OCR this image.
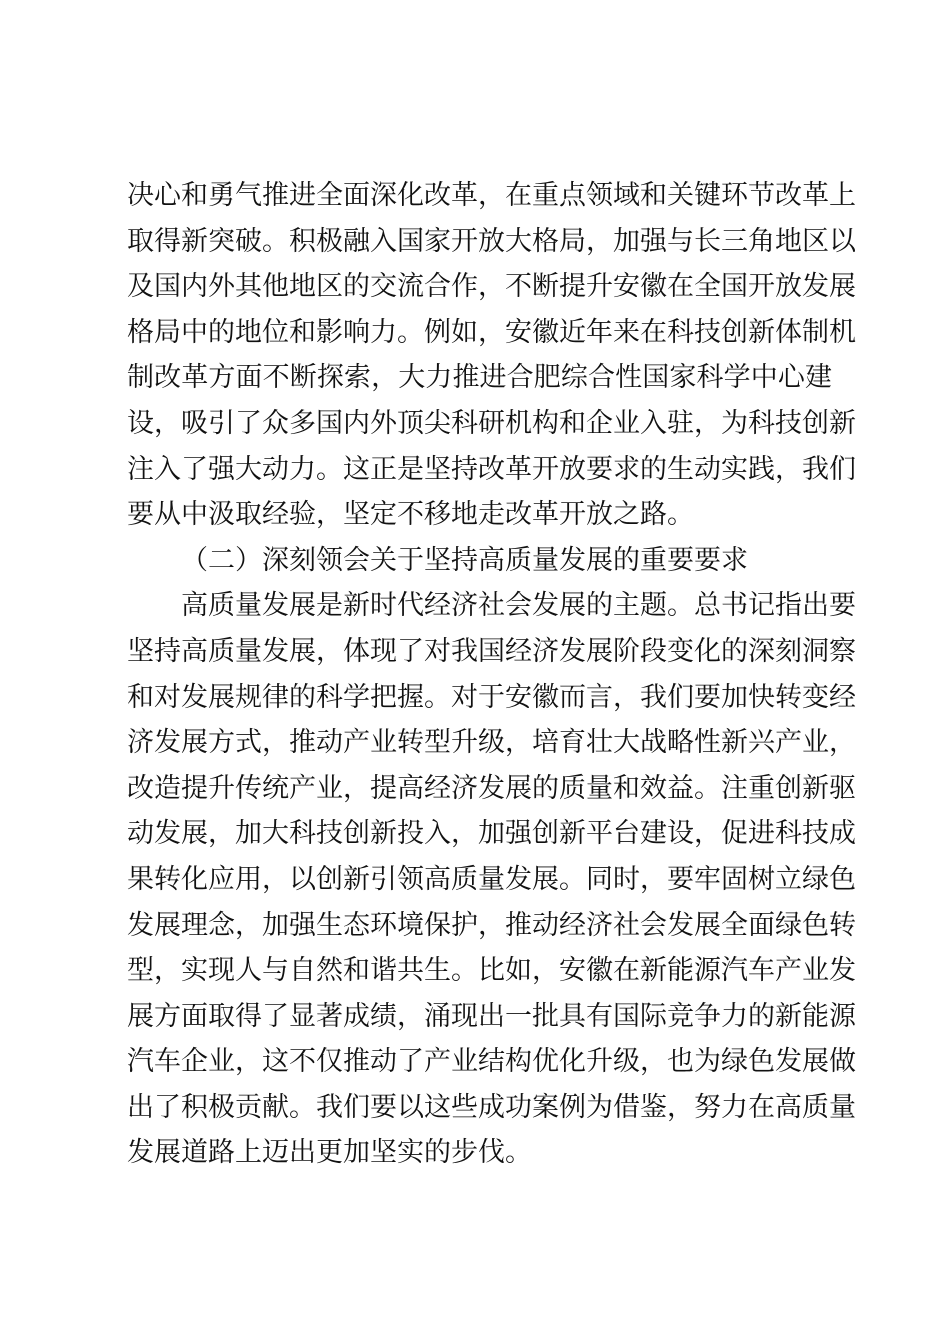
决心和勇气推进全面深化改革，在重点领域和关键环节改革上
取得新突破。积极融入国家开放大格局，加强与长三角地区以
及国内外其他地区的交流合作，不断提升安徽在全国开放发展
格局中的地位和影响力。例如，安徽近年来在科技创新体制机
制改革方面不断探索，大力推进合肥综合性国家科学中心建
设，吸引了众多国内外顶尖科研机构和企业入驻，为科技创新
注入了强大动力。这正是坚持改革开放要求的生动实践，我们
要从中汲取经验，坚定不移地走改革开放之路。
（二）深刻领会关于坚持高质量发展的重要要求
高质量发展是新时代经济社会发展的主题。总书记指出要
坚持高质量发展，体现了对我国经济发展阶段变化的深刻洞察
和对发展规律的科学把握。对于安徽而言，我们要加快转变经
济发展方式，推动产业转型升级，培育壮大战略性新兴产业，
改造提升传统产业，提高经济发展的质量和效益。注重创新驱
动发展，加大科技创新投入，加强创新平台建设，促进科技成
果转化应用，以创新引领高质量发展。同时，要牢固树立绿色
发展理念，加强生态环境保护，推动经济社会发展全面绿色转
型，实现人与自然和谐共生。比如，安徽在新能源汽车产业发
展方面取得了显著成绩，涌现出一批具有国际竞争力的新能源
汽车企业，这不仅推动了产业结构优化升级，也为绿色发展做
出了积极贡献。我们要以这些成功案例为借鉴，努力在高质量
发展道路上迈出更加坚实的步伐。
